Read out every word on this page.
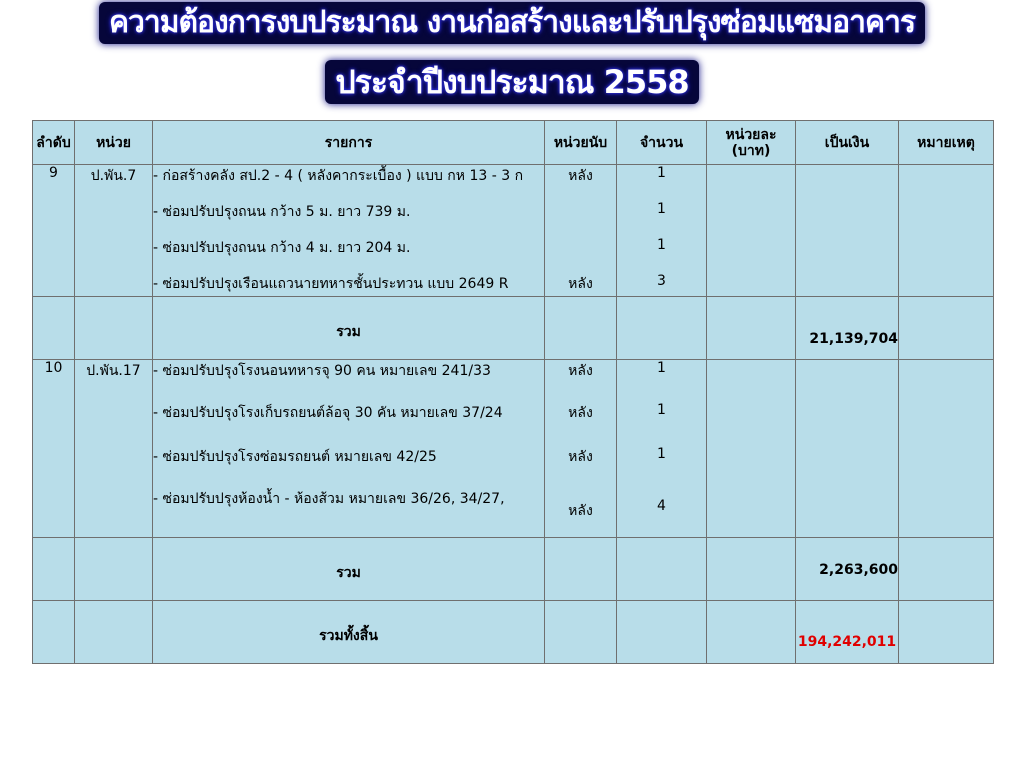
ความต้องการงบประมาณ งานก่อสร้างและปรับปรุงซ่อมแซมอาคาร
ประจำปีงบประมาณ 2558
ลำดับ	หน่วย	รายการ	หน่วยนับ	จำนวน	หน่วยละ (บาท)	เป็นเงิน	หมายเหตุ
9	ป.พัน.7	- ก่อสร้างคลัง สป.2 - 4 ( หลังคากระเบื้อง ) แบบ กห 13 - 3 ก	หลัง	1			
		- ซ่อมปรับปรุงถนน กว้าง 5 ม. ยาว 739 ม.		1			
		- ซ่อมปรับปรุงถนน กว้าง 4 ม. ยาว 204 ม.		1			
		- ซ่อมปรับปรุงเรือนแถวนายทหารชั้นประทวน แบบ 2649 R	หลัง	3			
		รวม				21,139,704	
10	ป.พัน.17	- ซ่อมปรับปรุงโรงนอนทหารจุ 90 คน หมายเลข 241/33	หลัง	1			
		- ซ่อมปรับปรุงโรงเก็บรถยนต์ล้อจุ 30 คัน หมายเลข 37/24	หลัง	1			
		- ซ่อมปรับปรุงโรงซ่อมรถยนต์ หมายเลข 42/25	หลัง	1			
		- ซ่อมปรับปรุงห้องน้ำ - ห้องส้วม หมายเลข 36/26, 34/27,	หลัง	4			
		รวม				2,263,600	
		รวมทั้งสิ้น				194,242,011	
